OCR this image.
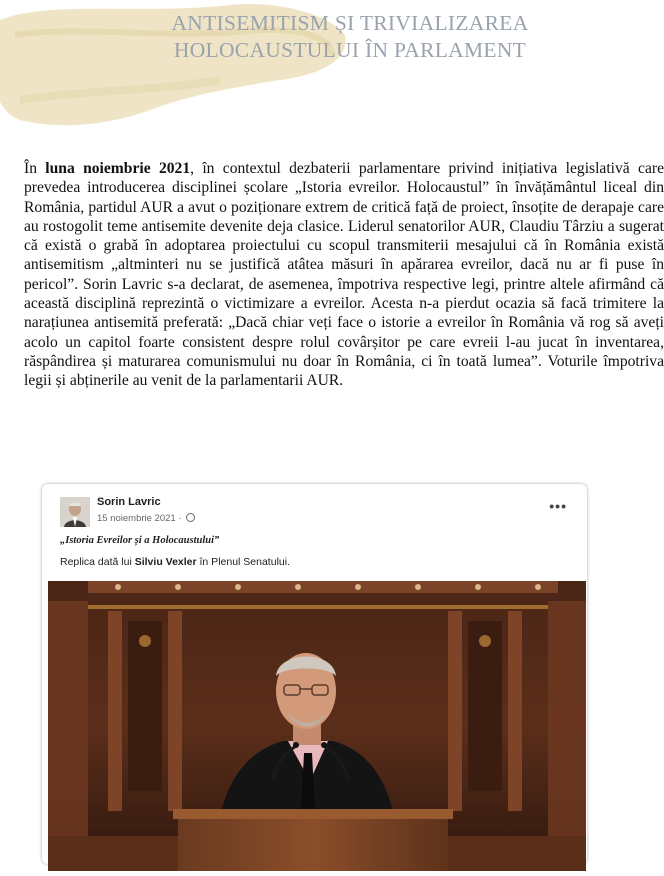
ANTISEMITISM ȘI TRIVIALIZAREA
HOLOCAUSTULUI ÎN PARLAMENT

În luna noiembrie 2021, în contextul dezbaterii parlamentare privind inițiativa legislativă care prevedea introducerea disciplinei școlare „Istoria evreilor. Holocaustul” în învățământul liceal din România, partidul AUR a avut o poziționare extrem de critică față de proiect, însoțite de derapaje care au rostogolit teme antisemite devenite deja clasice. Liderul senatorilor AUR, Claudiu Târziu a sugerat că există o grabă în adoptarea proiectului cu scopul transmiterii mesajului că în România există antisemitism „altminteri nu se justifică atâtea măsuri în apărarea evreilor, dacă nu ar fi puse în pericol”. Sorin Lavric s-a declarat, de asemenea, împotriva respective legi, printre altele afirmând că această disciplină reprezintă o victimizare a evreilor. Acesta n-a pierdut ocazia să facă trimitere la narațiunea antisemită preferată: „Dacă chiar veți face o istorie a evreilor în România vă rog să aveți acolo un capitol foarte consistent despre rolul covârșitor pe care evreii l-au jucat în inventarea, răspândirea și maturarea comunismului nu doar în România, ci în toată lumea”. Voturile împotriva legii și abținerile au venit de la parlamentarii AUR.

Sorin Lavric
15 noiembrie 2021 ·
•••
„Istoria Evreilor și a Holocaustului”
Replica dată lui Silviu Vexler în Plenul Senatului.
